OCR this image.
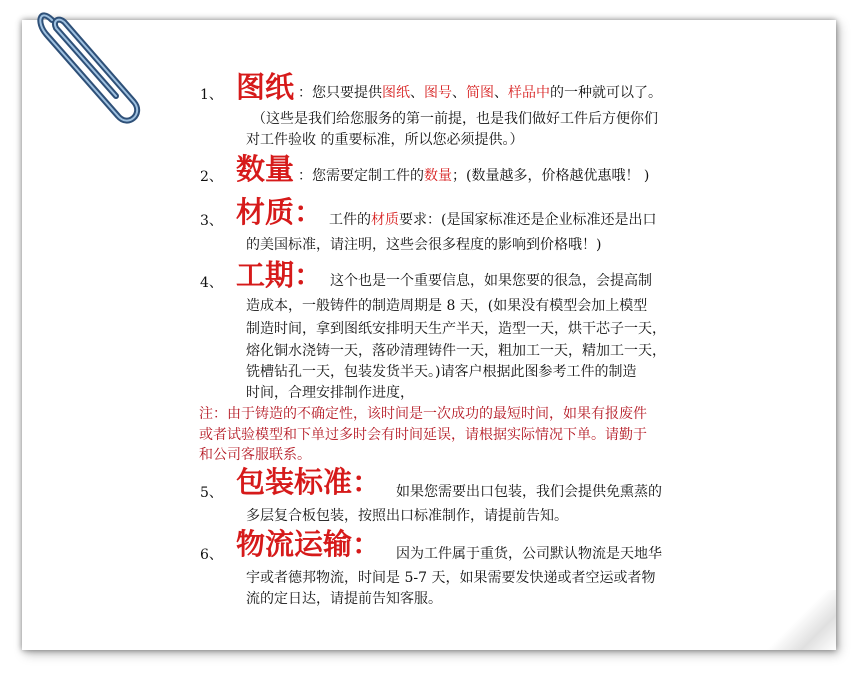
1、 图纸 ：您只要提供图纸、图号、简图、样品中的一种就可以了。
（这些是我们给您服务的第一前提，也是我们做好工件后方便你们
对工件验收 的重要标准，所以您必须提供。）
2、 数量 ：您需要定制工件的数量；(数量越多，价格越优惠哦！ )
3、 材质： 工件的材质要求：(是国家标准还是企业标准还是出口
的美国标准，请注明，这些会很多程度的影响到价格哦！)
4、 工期： 这个也是一个重要信息，如果您要的很急，会提高制
造成本，一般铸件的制造周期是 8 天，(如果没有模型会加上模型
制造时间，拿到图纸安排明天生产半天，造型一天，烘干芯子一天，
熔化铜水浇铸一天，落砂清理铸件一天，粗加工一天，精加工一天，
铣槽钻孔一天，包装发货半天。)请客户根据此图参考工件的制造
时间，合理安排制作进度，
注：由于铸造的不确定性，该时间是一次成功的最短时间，如果有报废件
或者试验模型和下单过多时会有时间延误，请根据实际情况下单。请勤于
和公司客服联系。
5、 包装标准： 如果您需要出口包装，我们会提供免熏蒸的
多层复合板包装，按照出口标准制作，请提前告知。
6、 物流运输： 因为工件属于重货，公司默认物流是天地华
宇或者德邦物流，时间是 5-7 天，如果需要发快递或者空运或者物
流的定日达，请提前告知客服。
